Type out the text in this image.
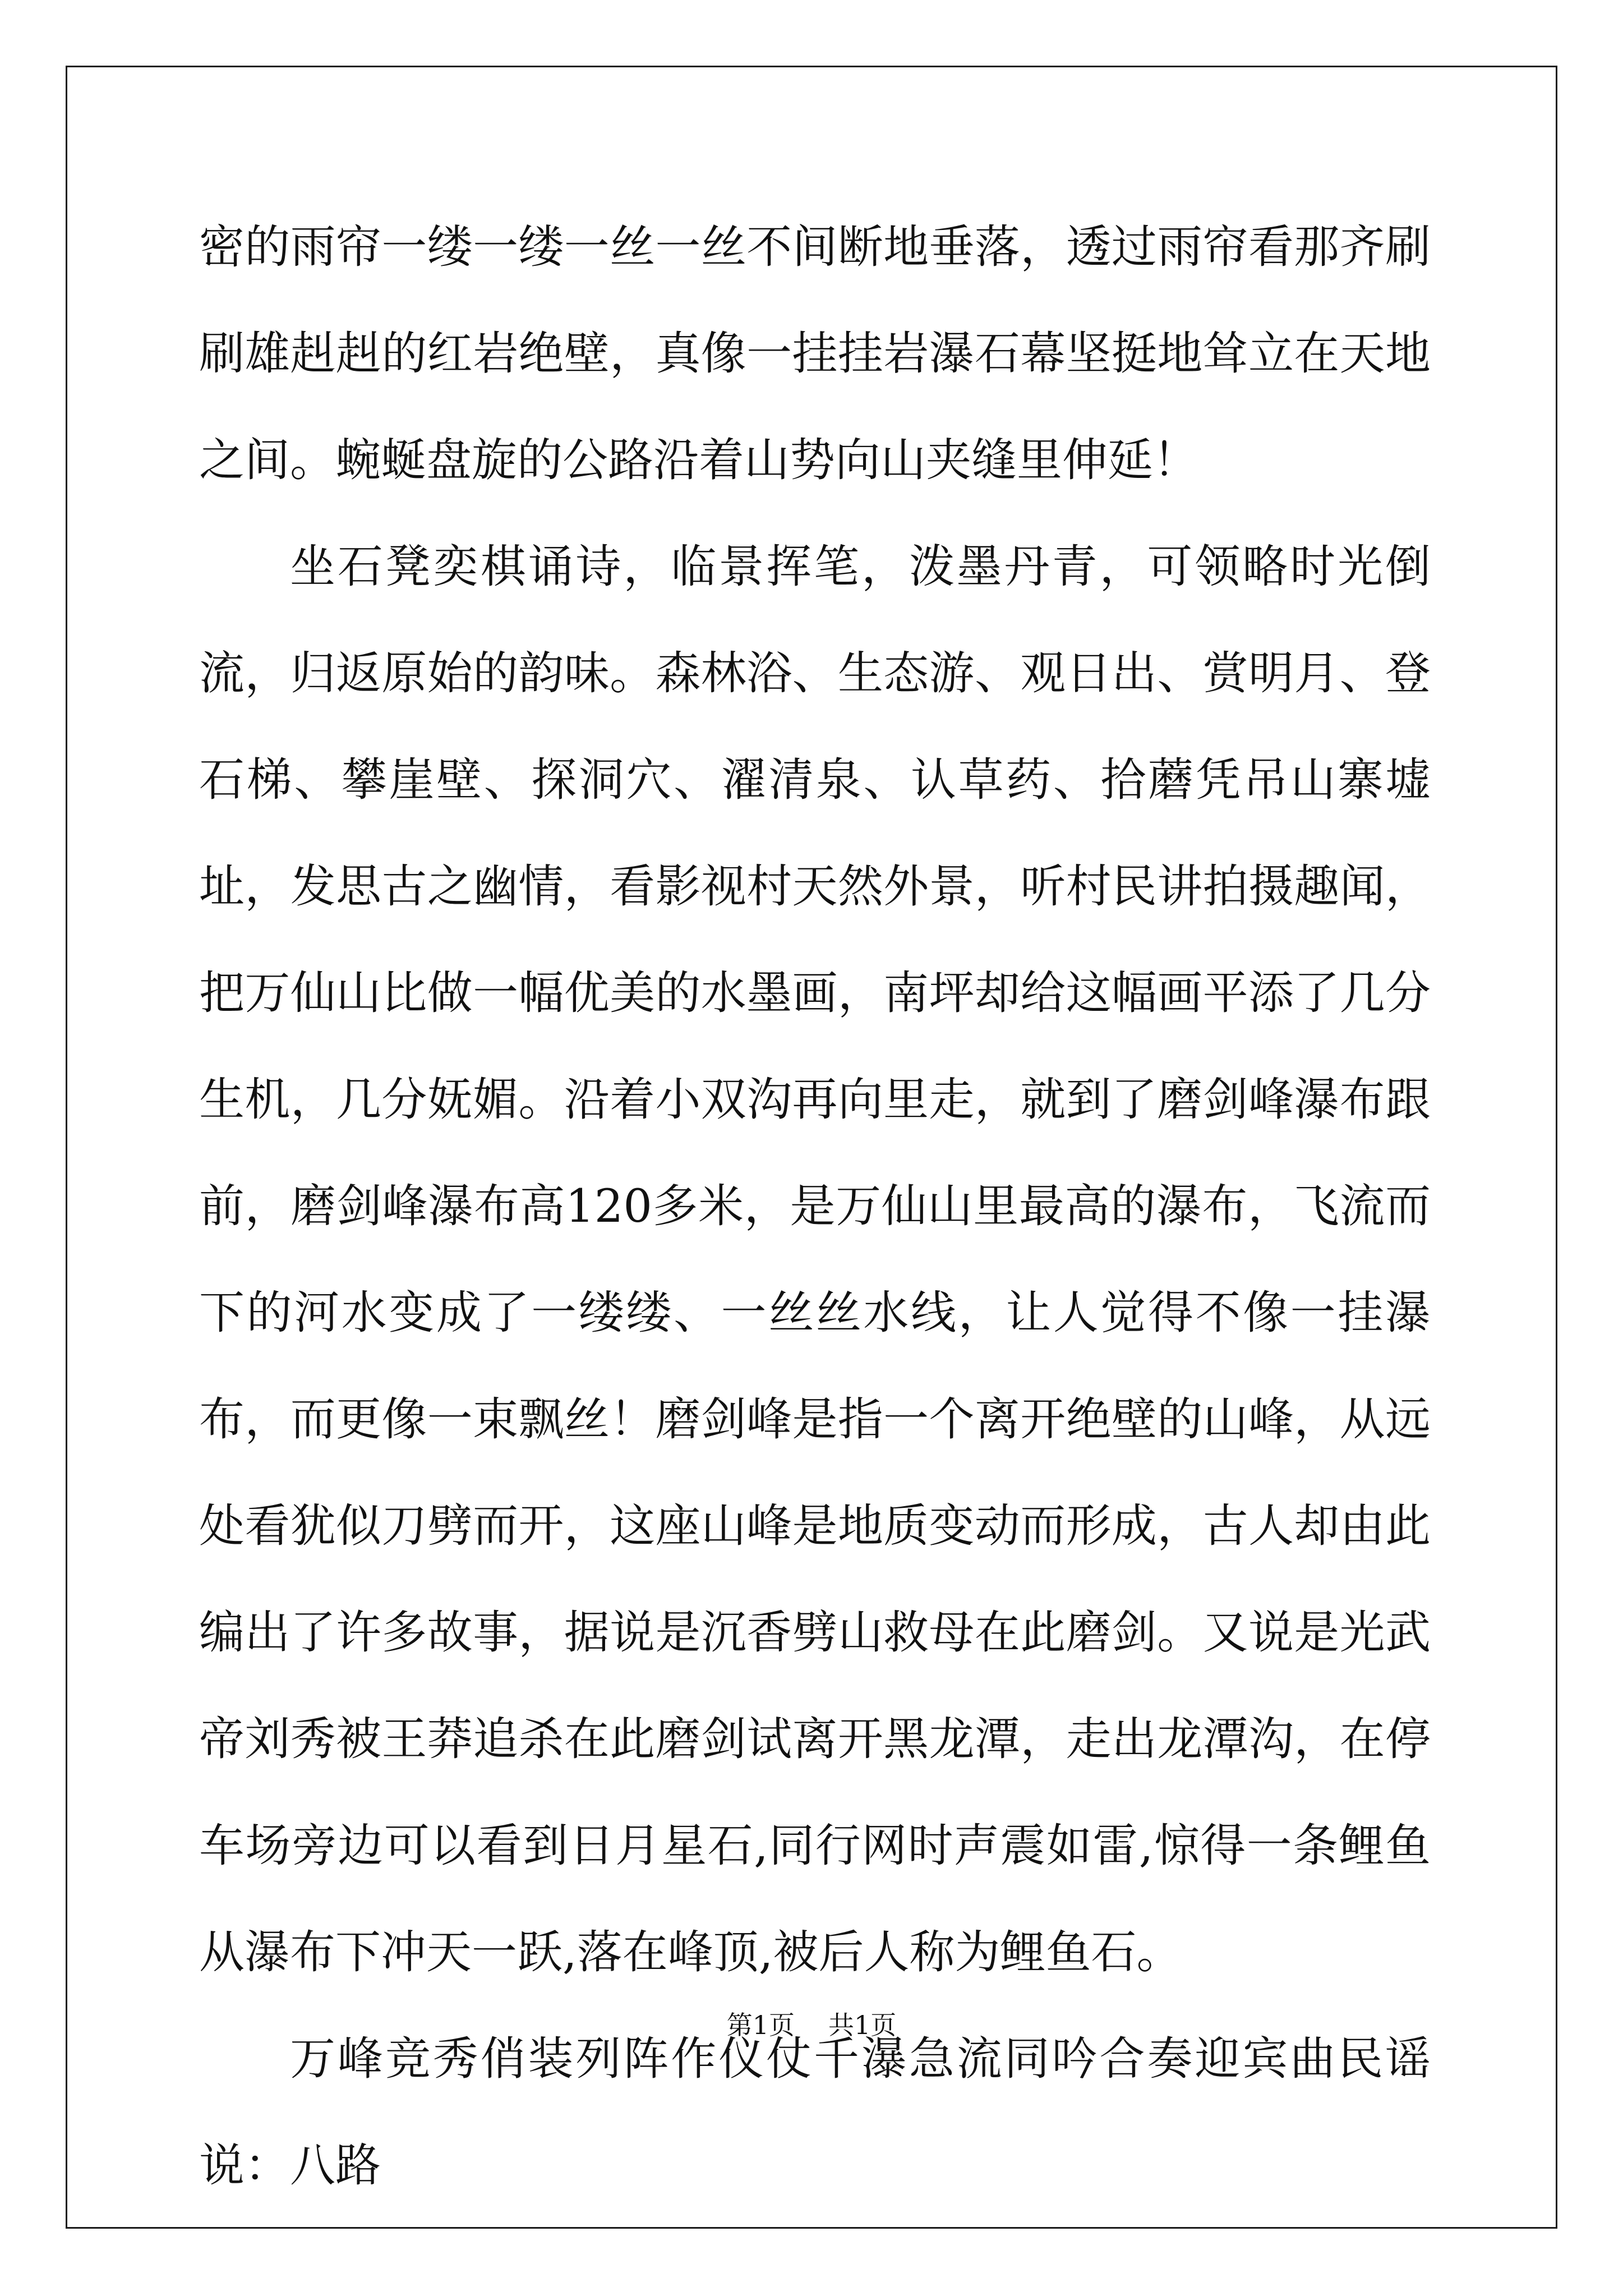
密的雨帘一缕一缕一丝一丝不间断地垂落，透过雨帘看那齐刷刷雄赳赳的红岩绝壁，真像一挂挂岩瀑石幕坚挺地耸立在天地之间。蜿蜒盘旋的公路沿着山势向山夹缝里伸延！

坐石凳奕棋诵诗，临景挥笔，泼墨丹青，可领略时光倒流，归返原始的韵味。森林浴、生态游、观日出、赏明月、登石梯、攀崖壁、探洞穴、濯清泉、认草药、拾蘑凭吊山寨墟址，发思古之幽情，看影视村天然外景，听村民讲拍摄趣闻，把万仙山比做一幅优美的水墨画，南坪却给这幅画平添了几分生机，几分妩媚。沿着小双沟再向里走，就到了磨剑峰瀑布跟前，磨剑峰瀑布高120多米，是万仙山里最高的瀑布，飞流而下的河水变成了一缕缕、一丝丝水线，让人觉得不像一挂瀑布，而更像一束飘丝！磨剑峰是指一个离开绝壁的山峰，从远处看犹似刀劈而开，这座山峰是地质变动而形成，古人却由此编出了许多故事，据说是沉香劈山救母在此磨剑。又说是光武帝刘秀被王莽追杀在此磨剑试离开黑龙潭，走出龙潭沟，在停车场旁边可以看到日月星石,同行网时声震如雷,惊得一条鲤鱼从瀑布下冲天一跃,落在峰顶,被后人称为鲤鱼石。

万峰竞秀俏装列阵作仪仗千瀑急流同吟合奏迎宾曲民谣说：八路

第1页 共1页
